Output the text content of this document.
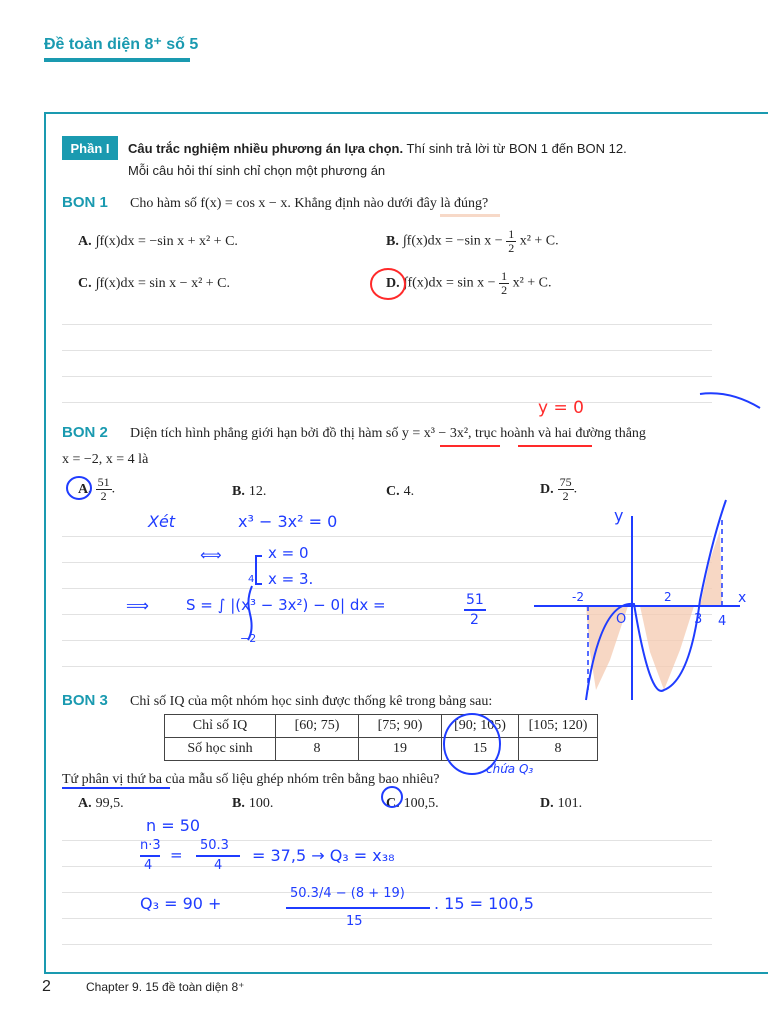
Đề toàn diện 8⁺ số 5
Phần I	Câu trắc nghiệm nhiều phương án lựa chọn. Thí sinh trả lời từ BON 1 đến BON 12.
Mỗi câu hỏi thí sinh chỉ chọn một phương án
BON 1 Cho hàm số f(x) = cos x − x. Khẳng định nào dưới đây là đúng?
A. ∫f(x)dx = −sin x + x² + C.	B. ∫f(x)dx = −sin $x - \frac{1}{2} x^2 + C$.
C. ∫f(x)dx = sin x − x² + C.	D. $\int f(x)dx = \sin x - \frac{1}{2} x^2 + C$.
BON 2 Diện tích hình phẳng giới hạn bởi đồ thị hàm số y = x³ − 3x², trục hoành và hai đường thẳng
x = −2, x = 4 là
A. $\frac{51}{2}$ .	B. 12.	C. 4.	D. $\frac{75}{2}$ .
BON 3 Chỉ số IQ của một nhóm học sinh được thống kê trong bảng sau:
Chỉ số IQ	[60; 75)	[75; 90)	[90; 105)	[105; 120)
Số học sinh	8	19	15	8
Tứ phân vị thứ ba của mẫu số liệu ghép nhóm trên bằng bao nhiêu?
A. 99,5.	B. 100.	C. 100,5.	D. 101.
y = 0
Xét	x³ − 3x² = 0
⟺	x = 0
x = 3.
⟹ S = ∫ |(x³ − 3x²) − 0| dx =
4
−2
51
2
y
x
-2	2
O	3 4
chứa Q₃
n = 50
n·3
4
=
50.3
4
= 37,5 → Q₃ = x₃₈
Q₃ = 90 +
50.3/4 − (8 + 19)
15
. 15 = 100,5
2	Chapter 9. 15 đề toàn diện 8⁺
